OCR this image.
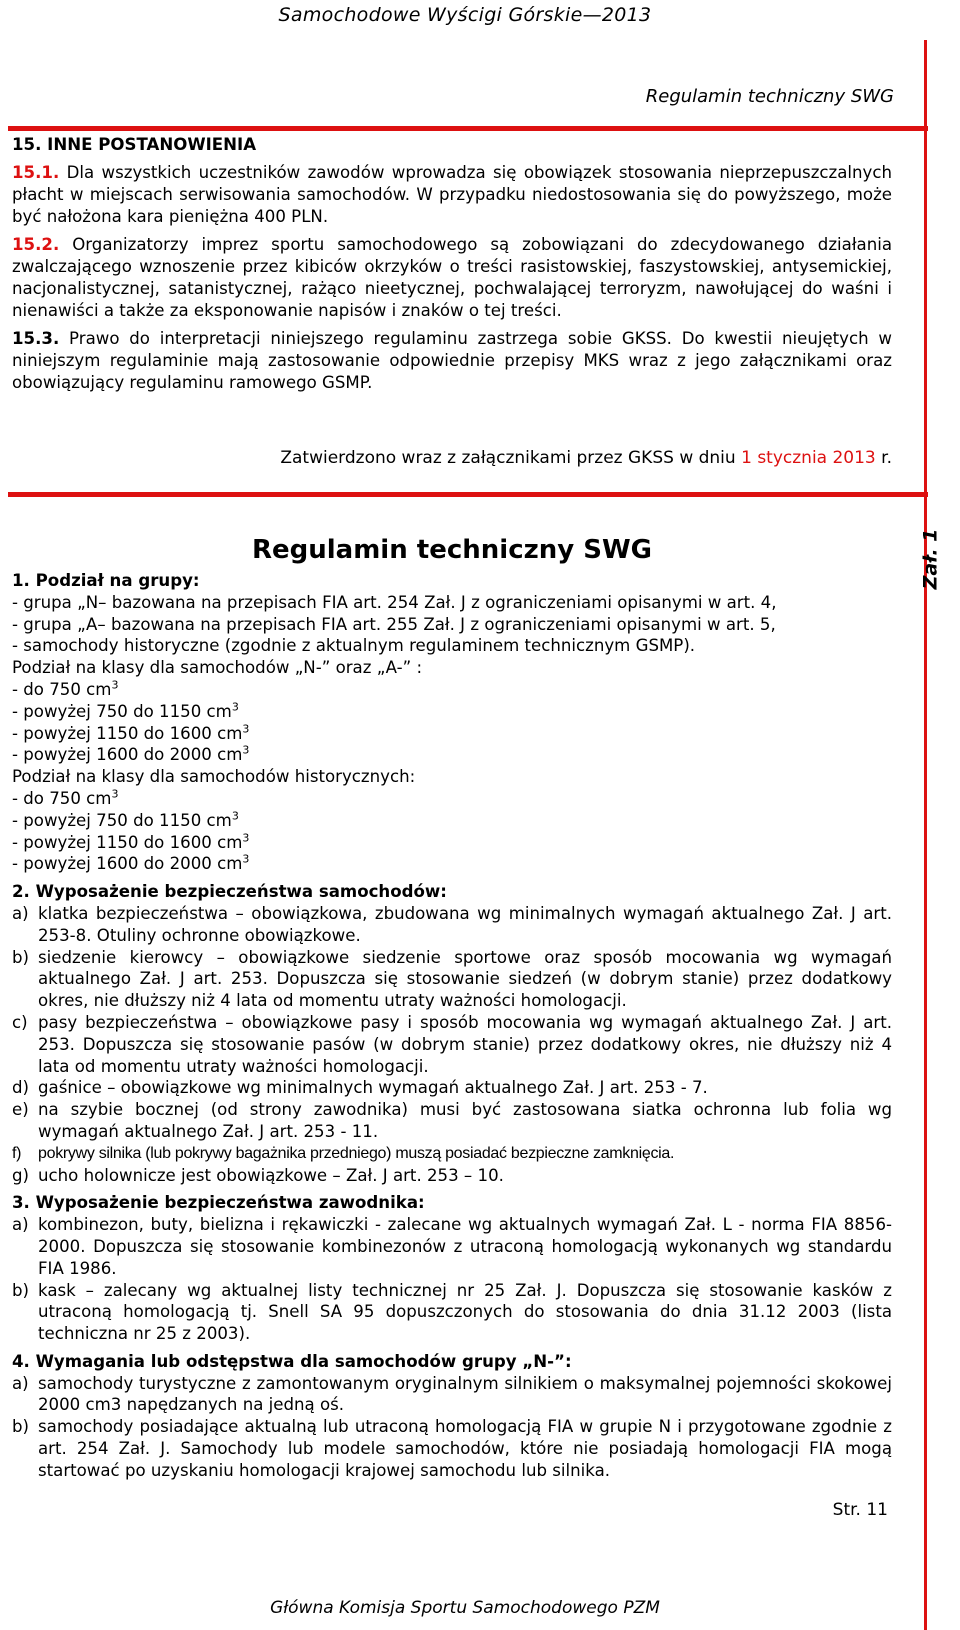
Samochodowe Wyścigi Górskie—2013
Regulamin techniczny SWG

15. INNE POSTANOWIENIA

15.1. Dla wszystkich uczestników zawodów wprowadza się obowiązek stosowania nieprzepuszczalnych płacht w miejscach serwisowania samochodów. W przypadku niedostosowania się do powyższego, może być nałożona kara pieniężna 400 PLN.

15.2. Organizatorzy imprez sportu samochodowego są zobowiązani do zdecydowanego działania zwalczającego wznoszenie przez kibiców okrzyków o treści rasistowskiej, faszystowskiej, antysemickiej, nacjonalistycznej, satanistycznej, rażąco nieetycznej, pochwalającej terroryzm, nawołującej do waśni i nienawiści a także za eksponowanie napisów i znaków o tej treści.

15.3. Prawo do interpretacji niniejszego regulaminu zastrzega sobie GKSS. Do kwestii nieujętych w niniejszym regulaminie mają zastosowanie odpowiednie przepisy MKS wraz z jego załącznikami oraz obowiązujący regulaminu ramowego GSMP.

Zatwierdzono wraz z załącznikami przez GKSS w dniu 1 stycznia 2013 r.
Regulamin techniczny SWG	Zał. 1

1. Podział na grupy:

- grupa „N– bazowana na przepisach FIA art. 254 Zał. J z ograniczeniami opisanymi w art. 4,

- grupa „A– bazowana na przepisach FIA art. 255 Zał. J z ograniczeniami opisanymi w art. 5,

- samochody historyczne (zgodnie z aktualnym regulaminem technicznym GSMP).

Podział na klasy dla samochodów „N-” oraz „A-” :

- do 750 $cm^3$

- powyżej 750 do 1150 $cm^3$

- powyżej 1150 do 1600 $cm^3$

- powyżej 1600 do 2000 $cm^3$

Podział na klasy dla samochodów historycznych:

- do 750 $cm^3$

- powyżej 750 do 1150 $cm^3$

- powyżej 1150 do 1600 $cm^3$

- powyżej 1600 do 2000 $cm^3$

2. Wyposażenie bezpieczeństwa samochodów:

a) klatka bezpieczeństwa – obowiązkowa, zbudowana wg minimalnych wymagań aktualnego Zał. J art. 253-8. Otuliny ochronne obowiązkowe.
b) siedzenie kierowcy – obowiązkowe siedzenie sportowe oraz sposób mocowania wg wymagań aktualnego Zał. J art. 253. Dopuszcza się stosowanie siedzeń (w dobrym stanie) przez dodatkowy okres, nie dłuższy niż 4 lata od momentu utraty ważności homologacji.
c) pasy bezpieczeństwa – obowiązkowe pasy i sposób mocowania wg wymagań aktualnego Zał. J art. 253. Dopuszcza się stosowanie pasów (w dobrym stanie) przez dodatkowy okres, nie dłuższy niż 4 lata od momentu utraty ważności homologacji.
d) gaśnice – obowiązkowe wg minimalnych wymagań aktualnego Zał. J art. 253 - 7.
e) na szybie bocznej (od strony zawodnika) musi być zastosowana siatka ochronna lub folia wg wymagań aktualnego Zał. J art. 253 - 11.
f)	pokrywy silnika (lub pokrywy bagażnika przedniego) muszą posiadać bezpieczne zamknięcia.
g) ucho holownicze jest obowiązkowe – Zał. J art. 253 – 10.

3. Wyposażenie bezpieczeństwa zawodnika:

a) kombinezon, buty, bielizna i rękawiczki - zalecane wg aktualnych wymagań Zał. L - norma FIA 8856-2000. Dopuszcza się stosowanie kombinezonów z utraconą homologacją wykonanych wg standardu FIA 1986.
b) kask – zalecany wg aktualnej listy technicznej nr 25 Zał. J. Dopuszcza się stosowanie kasków z utraconą homologacją tj. Snell SA 95 dopuszczonych do stosowania do dnia 31.12 2003 (lista techniczna nr 25 z 2003).

4. Wymagania lub odstępstwa dla samochodów grupy „N-”:

a) samochody turystyczne z zamontowanym oryginalnym silnikiem o maksymalnej pojemności skokowej 2000 cm3 napędzanych na jedną oś.
b) samochody posiadające aktualną lub utraconą homologacją FIA w grupie N i przygotowane zgodnie z art. 254 Zał. J. Samochody lub modele samochodów, które nie posiadają homologacji FIA mogą startować po uzyskaniu homologacji krajowej samochodu lub silnika.
Str. 11
Główna Komisja Sportu Samochodowego PZM
